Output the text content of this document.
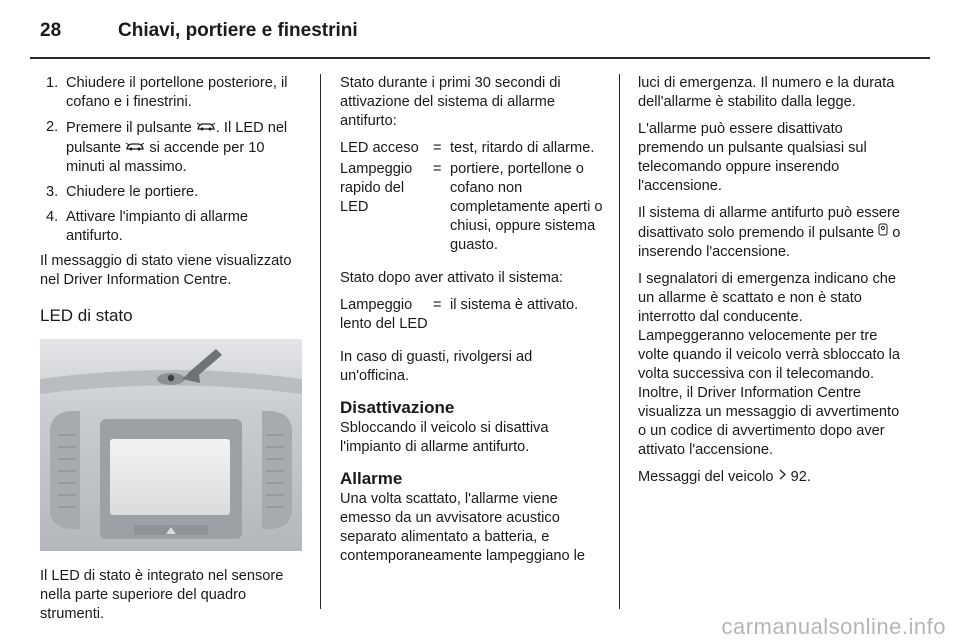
28	Chiavi, portiere e finestrini
1. Chiudere il portellone posteriore, il cofano e i finestrini.
2. Premere il pulsante . Il LED nel pulsante si accende per 10 minuti al massimo.
3. Chiudere le portiere.
4. Attivare l'impianto di allarme antifurto.

Il messaggio di stato viene visualizzato nel Driver Information Centre.

LED di stato

Il LED di stato è integrato nel sensore nella parte superiore del quadro strumenti.

Stato durante i primi 30 secondi di attivazione del sistema di allarme antifurto:

LED acceso = test, ritardo di allarme.
Lampeggio rapido del LED
= portiere, portellone o cofano non completamente aperti o chiusi, oppure sistema guasto.

Stato dopo aver attivato il sistema:

Lampeggio lento del LED
= il sistema è attivato.

In caso di guasti, rivolgersi ad un'officina.

Disattivazione

Sbloccando il veicolo si disattiva l'impianto di allarme antifurto.

Allarme

Una volta scattato, l'allarme viene emesso da un avvisatore acustico separato alimentato a batteria, e contemporaneamente lampeggiano le

luci di emergenza. Il numero e la durata dell'allarme è stabilito dalla legge.

L'allarme può essere disattivato premendo un pulsante qualsiasi sul telecomando oppure inserendo l'accensione.

Il sistema di allarme antifurto può essere disattivato solo premendo il pulsante o inserendo l'accensione.

I segnalatori di emergenza indicano che un allarme è scattato e non è stato interrotto dal conducente. Lampeggeranno velocemente per tre volte quando il veicolo verrà sbloccato la volta successiva con il telecomando. Inoltre, il Driver Information Centre visualizza un messaggio di avvertimento o un codice di avvertimento dopo aver attivato l'accensione.

Messaggi del veicolo 92.

carmanualsonline.info
